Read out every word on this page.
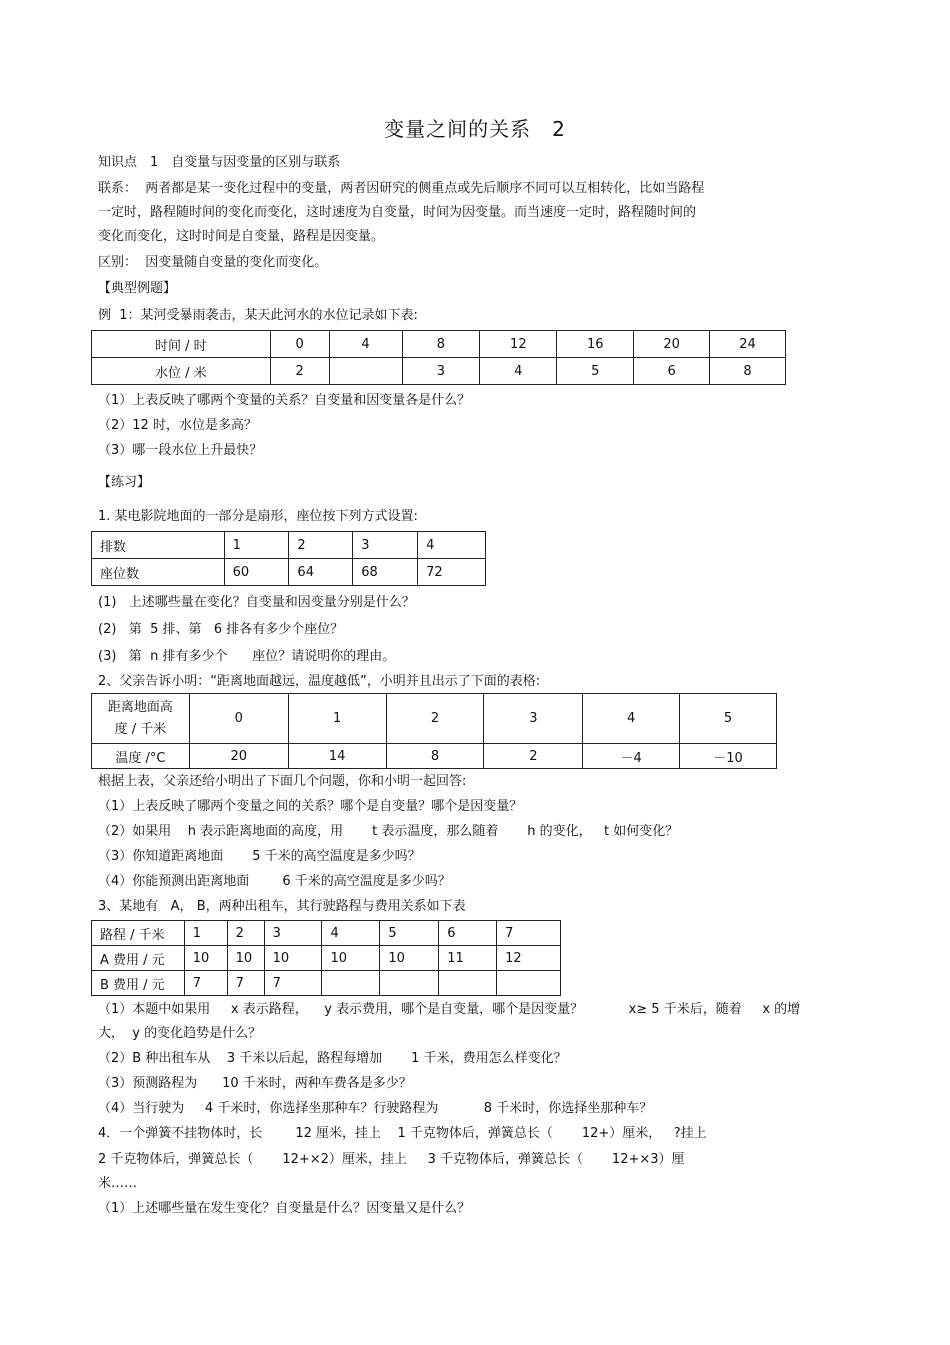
变量之间的关系　2
知识点　1　自变量与因变量的区别与联系
联系：  两者都是某一变化过程中的变量，两者因研究的侧重点或先后顺序不同可以互相转化，比如当路程
一定时，路程随时间的变化而变化，这时速度为自变量，时间为因变量。而当速度一定时，路程随时间的
变化而变化，这时时间是自变量，路程是因变量。
区别：  因变量随自变量的变化而变化。
【典型例题】
例  1：某河受暴雨袭击，某天此河水的水位记录如下表:
时间 / 时	0	4	8	12	16	20	24
水位 / 米	2		3	4	5	6	8
（1）上表反映了哪两个变量的关系？自变量和因变量各是什么？
（2）12 时，水位是多高？
（3）哪一段水位上升最快？
【练习】
1. 某电影院地面的一部分是扇形，座位按下列方式设置:
排数	1	2	3	4
座位数	60	64	68	72
(1)   上述哪些量在变化？自变量和因变量分别是什么？
(2)   第  5 排、第   6 排各有多少个座位？
(3)   第  n 排有多少个      座位？请说明你的理由。
2、父亲告诉小明：“距离地面越远，温度越低”，小明并且出示了下面的表格:
距离地面高
度 / 千米	0	1	2	3	4	5
温度 /°C	20	14	8	2	－4	－10
根据上表，父亲还给小明出了下面几个问题，你和小明一起回答:
（1）上表反映了哪两个变量之间的关系？哪个是自变量？哪个是因变量？
（2）如果用    h 表示距离地面的高度，用       t 表示温度，那么随着       h 的变化，   t 如何变化？
（3）你知道距离地面       5 千米的高空温度是多少吗？
（4）你能预测出距离地面        6 千米的高空温度是多少吗？
3、某地有   A， B，两种出租车，其行驶路程与费用关系如下表
路程 / 千米	1	2	3	4	5	6	7
A 费用 / 元	10	10	10	10	10	11	12
B 费用 / 元	7	7	7				
（1）本题中如果用     x 表示路程，    y 表示费用，哪个是自变量，哪个是因变量？           x≥ 5 千米后，随着     x 的增
大，  y 的变化趋势是什么？
（2）B 种出租车从    3 千米以后起，路程每增加       1 千米，费用怎么样变化？
（3）预测路程为      10 千米时，两种车费各是多少？
（4）当行驶为     4 千米时，你选择坐那种车？行驶路程为           8 千米时，你选择坐那种车？
4．一个弹簧不挂物体时，长        12 厘米，挂上    1 千克物体后，弹簧总长（       12+）厘米，   ?挂上
2 千克物体后，弹簧总长（       12+×2）厘米，挂上     3 千克物体后，弹簧总长（       12+×3）厘
米……
（1）上述哪些量在发生变化？自变量是什么？因变量又是什么？
